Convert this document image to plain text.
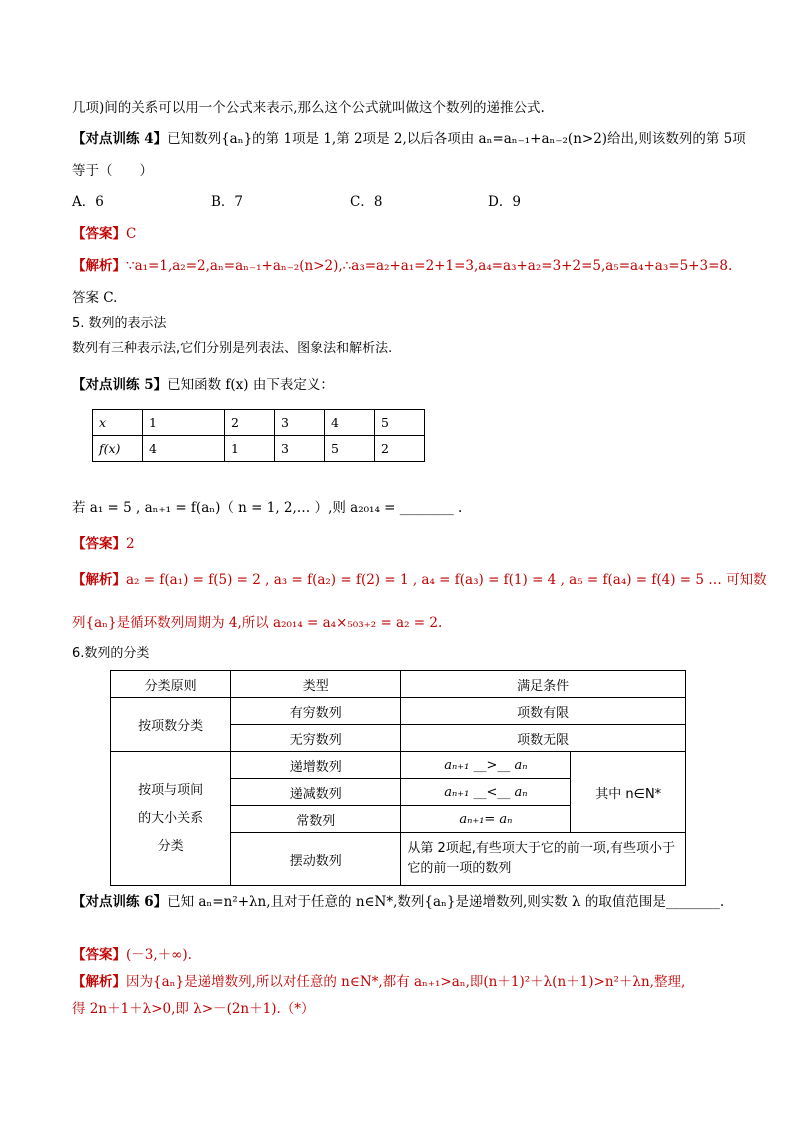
几项)间的关系可以用一个公式来表示,那么这个公式就叫做这个数列的递推公式.
【对点训练 4】已知数列{aₙ}的第 1项是 1,第 2项是 2,以后各项由 aₙ=aₙ₋₁+aₙ₋₂(n>2)给出,则该数列的第 5项
等于（　　）
A．6	B．7	C．8	D．9
【答案】C
【解析】∵a₁=1,a₂=2,aₙ=aₙ₋₁+aₙ₋₂(n>2),∴a₃=a₂+a₁=2+1=3,a₄=a₃+a₂=3+2=5,a₅=a₄+a₃=5+3=8.
答案 C.
5. 数列的表示法
数列有三种表示法,它们分别是列表法、图象法和解析法.
【对点训练 5】已知函数 f(x) 由下表定义：
x	1	2	3	4	5
f(x)	4	1	3	5	2
若 a₁ = 5 , aₙ₊₁ = f(aₙ)（ n = 1, 2,… ）,则 a₂₀₁₄ = ________ .
【答案】2
【解析】a₂ = f(a₁) = f(5) = 2 , a₃ = f(a₂) = f(2) = 1 , a₄ = f(a₃) = f(1) = 4 , a₅ = f(a₄) = f(4) = 5 … 可知数
列{aₙ}是循环数列周期为 4,所以 a₂₀₁₄ = a₄×₅₀₃₊₂ = a₂ = 2.
6.数列的分类
分类原则	类型	满足条件	
按项数分类	有穷数列	项数有限	
	无穷数列	项数无限	

按项与项间
的大小关系
分类	递增数列	aₙ₊₁ __>__ aₙ	其中 n∈N*
	递减数列	aₙ₊₁ __<__ aₙ	
	常数列	aₙ₊₁= aₙ	
	摆动数列	从第 2项起,有些项大于它的前一项,有些项小于它的前一项的数列	
【对点训练 6】已知 aₙ=n²+λn,且对于任意的 n∈N*,数列{aₙ}是递增数列,则实数 λ 的取值范围是________.
【答案】(－3,＋∞).
【解析】因为{aₙ}是递增数列,所以对任意的 n∈N*,都有 aₙ₊₁>aₙ,即(n＋1)²＋λ(n＋1)>n²＋λn,整理,
得 2n＋1＋λ>0,即 λ>－(2n＋1).（*）
